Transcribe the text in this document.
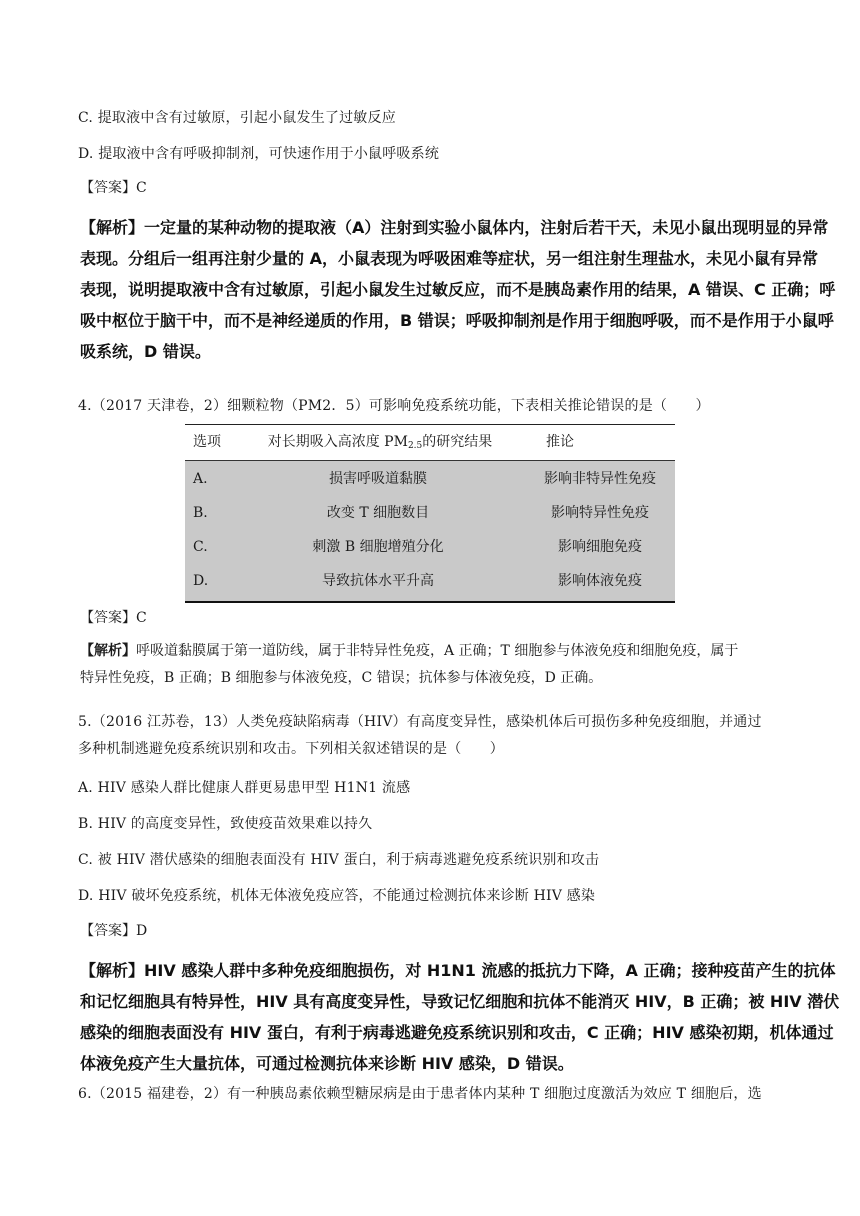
C. 提取液中含有过敏原，引起小鼠发生了过敏反应
D. 提取液中含有呼吸抑制剂，可快速作用于小鼠呼吸系统
【答案】C
【解析】一定量的某种动物的提取液（A）注射到实验小鼠体内，注射后若干天，未见小鼠出现明显的异常
表现。分组后一组再注射少量的 A，小鼠表现为呼吸困难等症状，另一组注射生理盐水，未见小鼠有异常
表现，说明提取液中含有过敏原，引起小鼠发生过敏反应，而不是胰岛素作用的结果，A 错误、C 正确；呼
吸中枢位于脑干中，而不是神经递质的作用，B 错误；呼吸抑制剂是作用于细胞呼吸，而不是作用于小鼠呼
吸系统，D 错误。
4.（2017 天津卷，2）细颗粒物（PM2．5）可影响免疫系统功能，下表相关推论错误的是（　　）
选项	对长期吸入高浓度 $PM_{2.5}$的研究结果	推论
A.	损害呼吸道黏膜	影响非特异性免疫
B.	改变 T 细胞数目	影响特异性免疫
C.	刺激 B 细胞增殖分化	影响细胞免疫
D.	导致抗体水平升高	影响体液免疫
【答案】C
【解析】呼吸道黏膜属于第一道防线，属于非特异性免疫，A 正确；T 细胞参与体液免疫和细胞免疫，属于
特异性免疫，B 正确；B 细胞参与体液免疫，C 错误；抗体参与体液免疫，D 正确。
5.（2016 江苏卷，13）人类免疫缺陷病毒（HIV）有高度变异性，感染机体后可损伤多种免疫细胞，并通过
多种机制逃避免疫系统识别和攻击。下列相关叙述错误的是（　　）
A. HIV 感染人群比健康人群更易患甲型 H1N1 流感
B. HIV 的高度变异性，致使疫苗效果难以持久
C. 被 HIV 潜伏感染的细胞表面没有 HIV 蛋白，利于病毒逃避免疫系统识别和攻击
D. HIV 破坏免疫系统，机体无体液免疫应答，不能通过检测抗体来诊断 HIV 感染
【答案】D
【解析】HIV 感染人群中多种免疫细胞损伤，对 H1N1 流感的抵抗力下降，A 正确；接种疫苗产生的抗体
和记忆细胞具有特异性，HIV 具有高度变异性，导致记忆细胞和抗体不能消灭 HIV，B 正确；被 HIV 潜伏
感染的细胞表面没有 HIV 蛋白，有利于病毒逃避免疫系统识别和攻击，C 正确；HIV 感染初期，机体通过
体液免疫产生大量抗体，可通过检测抗体来诊断 HIV 感染，D 错误。
6.（2015 福建卷，2）有一种胰岛素依赖型糖尿病是由于患者体内某种 T 细胞过度激活为效应 T 细胞后，选
